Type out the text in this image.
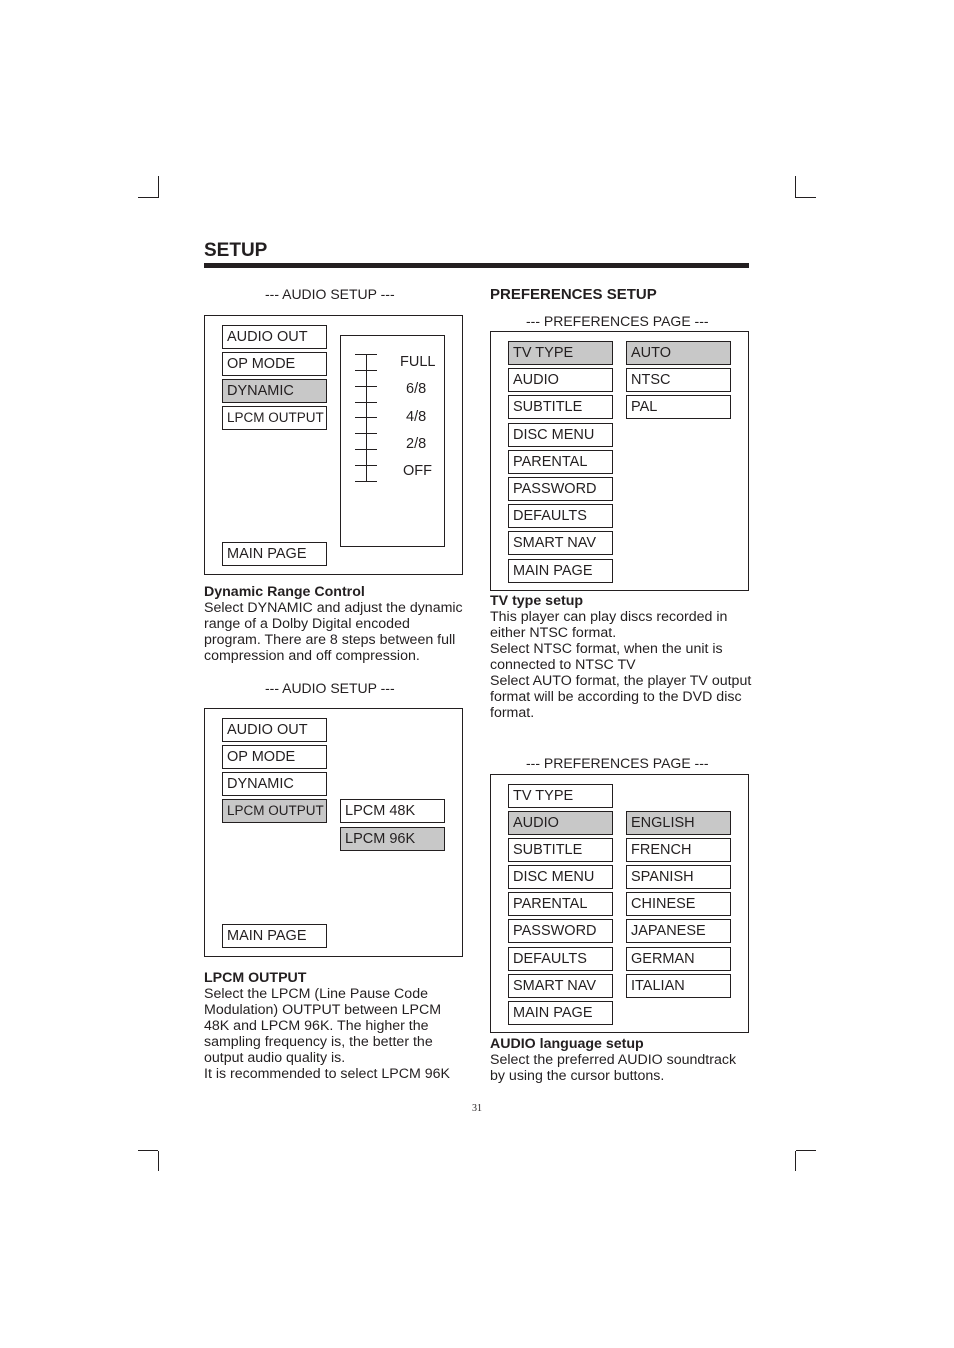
SETUP
--- AUDIO SETUP ---
AUDIO OUT
OP MODE
DYNAMIC
LPCM OUTPUT
MAIN PAGE
FULL
6/8
4/8
2/8
OFF
Dynamic Range Control
Select DYNAMIC and adjust the dynamic
range of a Dolby Digital encoded
program. There are 8 steps between full
compression and off compression.
--- AUDIO SETUP ---
AUDIO OUT
OP MODE
DYNAMIC
LPCM OUTPUT	LPCM 48K
LPCM 96K
MAIN PAGE
LPCM OUTPUT
Select the LPCM (Line Pause Code
Modulation) OUTPUT between LPCM
48K and LPCM 96K. The higher the
sampling frequency is, the better the
output audio quality is.
It is recommended to select LPCM 96K
PREFERENCES SETUP
--- PREFERENCES PAGE ---
TV TYPE
AUDIO
SUBTITLE
DISC MENU
PARENTAL
PASSWORD
DEFAULTS
SMART NAV
MAIN PAGE
AUTO
NTSC
PAL
TV type setup
This player can play discs recorded in
either NTSC format.
Select NTSC format, when the unit is
connected to NTSC TV
Select AUTO format, the player TV output
format will be according to the DVD disc
format.
--- PREFERENCES PAGE ---
TV TYPE
AUDIO
SUBTITLE
DISC MENU
PARENTAL
PASSWORD
DEFAULTS
SMART NAV
MAIN PAGE
ENGLISH
FRENCH
SPANISH
CHINESE
JAPANESE
GERMAN
ITALIAN
AUDIO language setup
Select the preferred AUDIO soundtrack
by using the cursor buttons.
31
